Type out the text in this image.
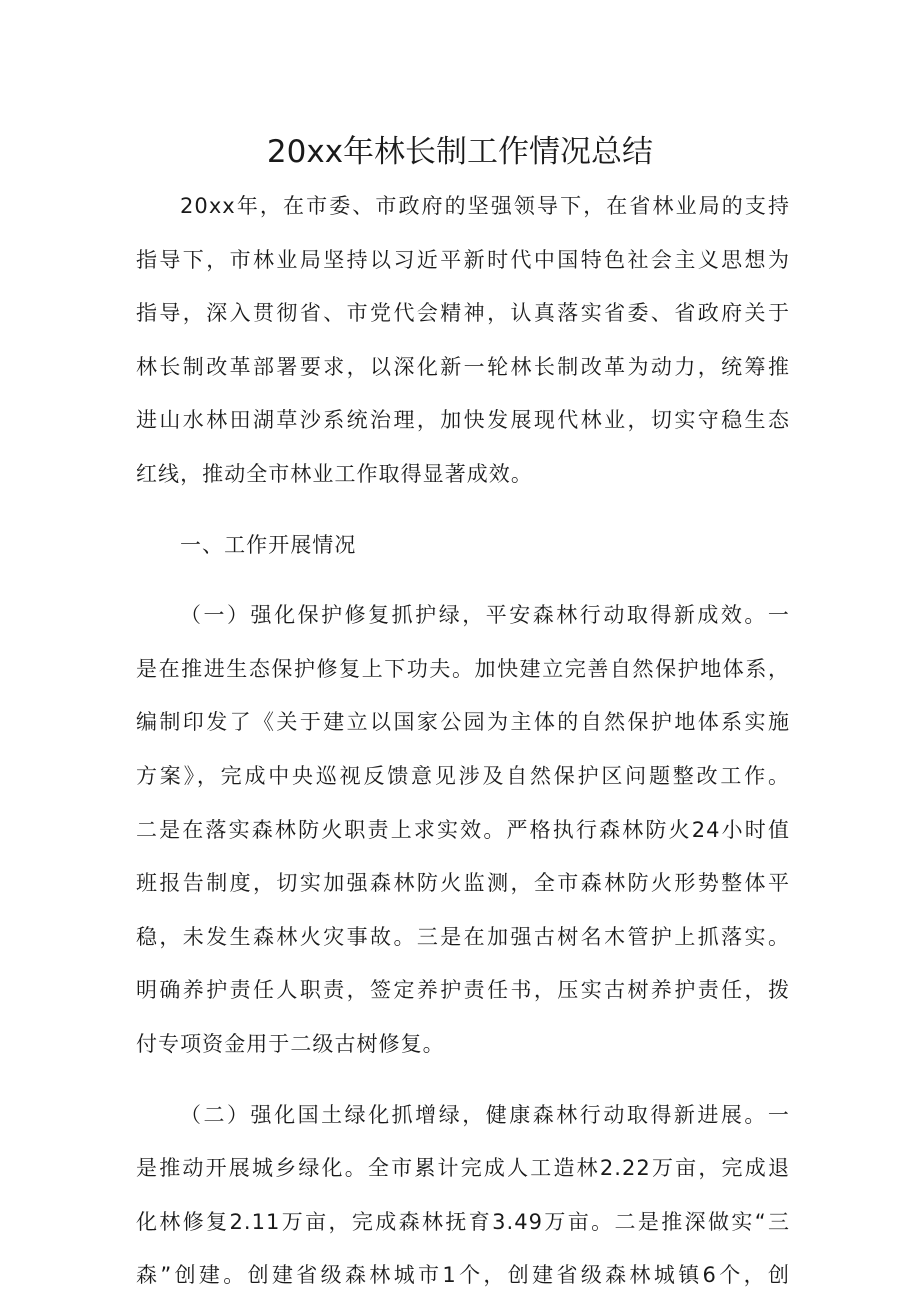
20xx年林长制工作情况总结
20xx年，在市委、市政府的坚强领导下，在省林业局的支持
指导下，市林业局坚持以习近平新时代中国特色社会主义思想为
指导，深入贯彻省、市党代会精神，认真落实省委、省政府关于
林长制改革部署要求，以深化新一轮林长制改革为动力，统筹推
进山水林田湖草沙系统治理，加快发展现代林业，切实守稳生态
红线，推动全市林业工作取得显著成效。
一、工作开展情况
（一）强化保护修复抓护绿，平安森林行动取得新成效。一
是在推进生态保护修复上下功夫。加快建立完善自然保护地体系，
编制印发了《关于建立以国家公园为主体的自然保护地体系实施
方案》，完成中央巡视反馈意见涉及自然保护区问题整改工作。
二是在落实森林防火职责上求实效。严格执行森林防火24小时值
班报告制度，切实加强森林防火监测，全市森林防火形势整体平
稳，未发生森林火灾事故。三是在加强古树名木管护上抓落实。
明确养护责任人职责，签定养护责任书，压实古树养护责任，拨
付专项资金用于二级古树修复。
（二）强化国土绿化抓增绿，健康森林行动取得新进展。一
是推动开展城乡绿化。全市累计完成人工造林2.22万亩，完成退
化林修复2.11万亩，完成森林抚育3.49万亩。二是推深做实“三
森”创建。创建省级森林城市1个，创建省级森林城镇6个，创
